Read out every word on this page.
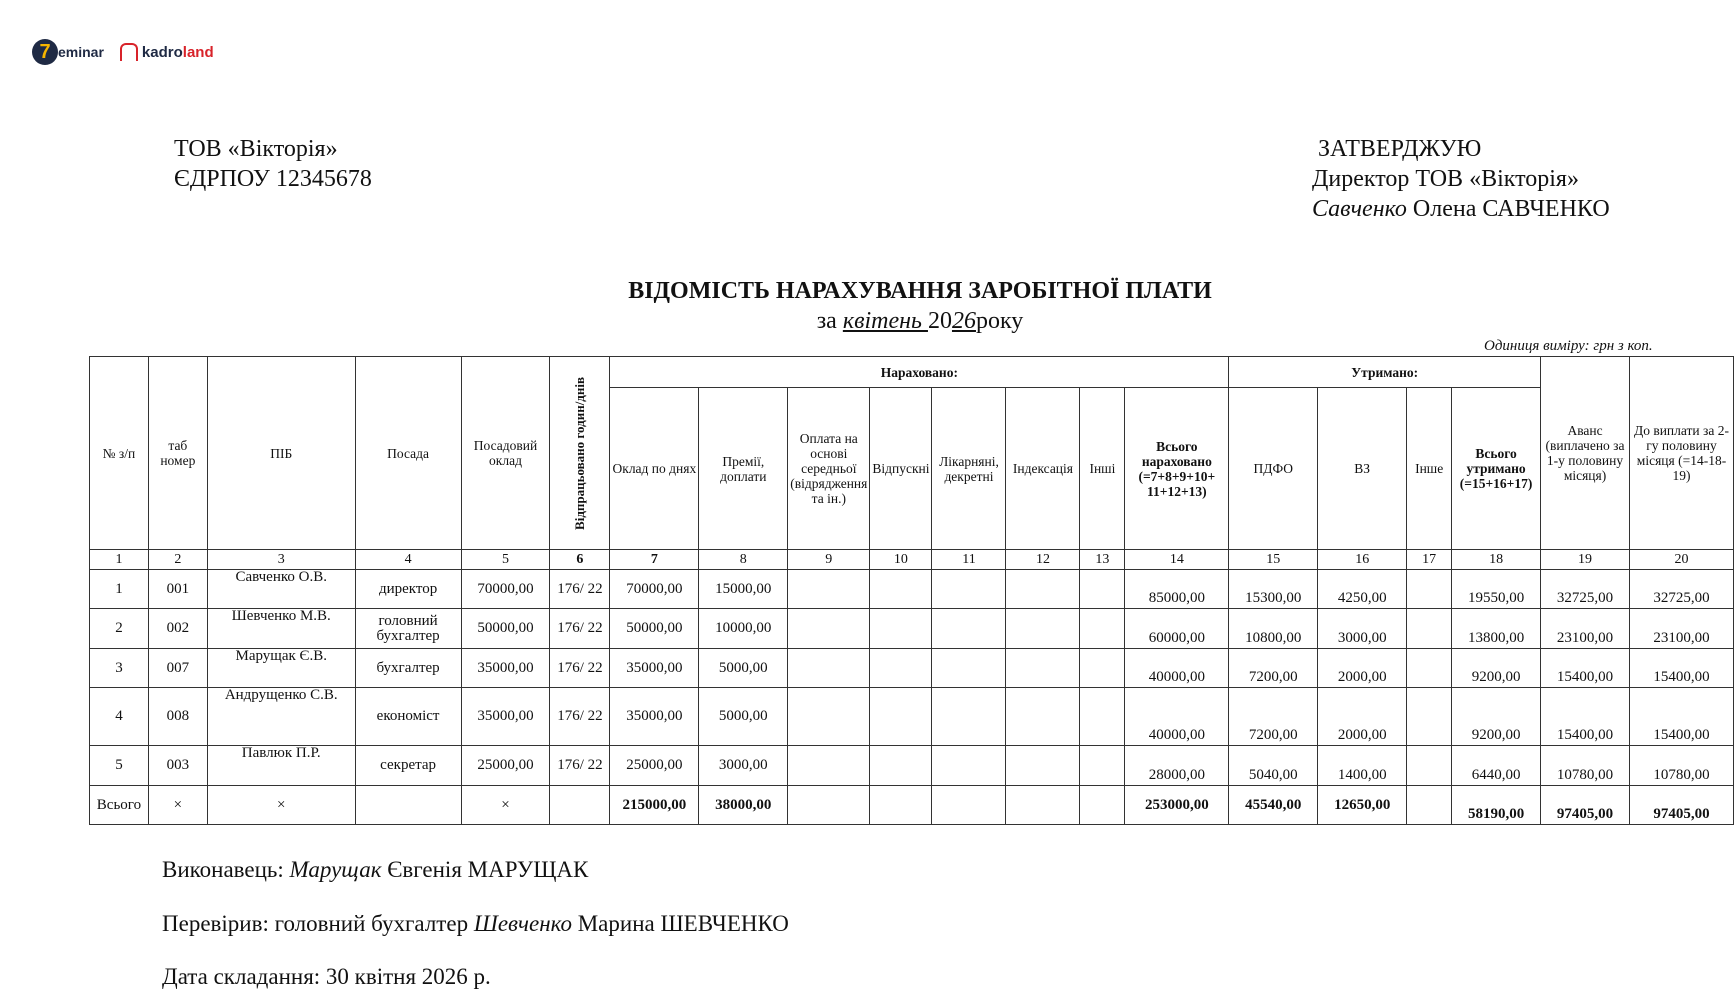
7 eminar	kadroland
ТОВ «Вікторія»
ЄДРПОУ 12345678
ЗАТВЕРДЖУЮ
Директор ТОВ «Вікторія»
Савченко Олена САВЧЕНКО
ВІДОМІСТЬ НАРАХУВАННЯ ЗАРОБІТНОЇ ПЛАТИ
за квітень 2026року
Одиниця виміру: грн з коп.
№ з/п	таб номер	ПІБ	Посада	Посадовий оклад	Відпрацьовано годин/днів	Нараховано:								Утримано:				Аванс (виплачено за 1-у половину місяця)	До виплати за 2-гу половину місяця (=14-18-19)
						Оклад по днях	Премії, доплати	Оплата на основі середньої (відрядження та ін.)	Відпускні	Лікарняні, декретні	Індексація	Інші	Всього нараховано (=7+8+9+10+ 11+12+13)	ПДФО	ВЗ	Інше	Всього утримано (=15+16+17)		
1	2	3	4	5	6	7	8	9	10	11	12	13	14	15	16	17	18	19	20
1	001	Савченко О.В.	директор	70000,00	176/ 22	70000,00	15000,00						85000,00	15300,00	4250,00		19550,00	32725,00	32725,00
2	002	Шевченко М.В.	головний бухгалтер	50000,00	176/ 22	50000,00	10000,00						60000,00	10800,00	3000,00		13800,00	23100,00	23100,00
3	007	Марущак Є.В.	бухгалтер	35000,00	176/ 22	35000,00	5000,00						40000,00	7200,00	2000,00		9200,00	15400,00	15400,00
4	008	Андрущенко С.В.	економіст	35000,00	176/ 22	35000,00	5000,00						40000,00	7200,00	2000,00		9200,00	15400,00	15400,00
5	003	Павлюк П.Р.	секретар	25000,00	176/ 22	25000,00	3000,00						28000,00	5040,00	1400,00		6440,00	10780,00	10780,00
Всього	×	×		×		215000,00	38000,00						253000,00	45540,00	12650,00		58190,00	97405,00	97405,00
Виконавець: Марущак Євгенія МАРУЩАК
Перевірив: головний бухгалтер Шевченко Марина ШЕВЧЕНКО
Дата складання: 30 квітня 2026 р.
